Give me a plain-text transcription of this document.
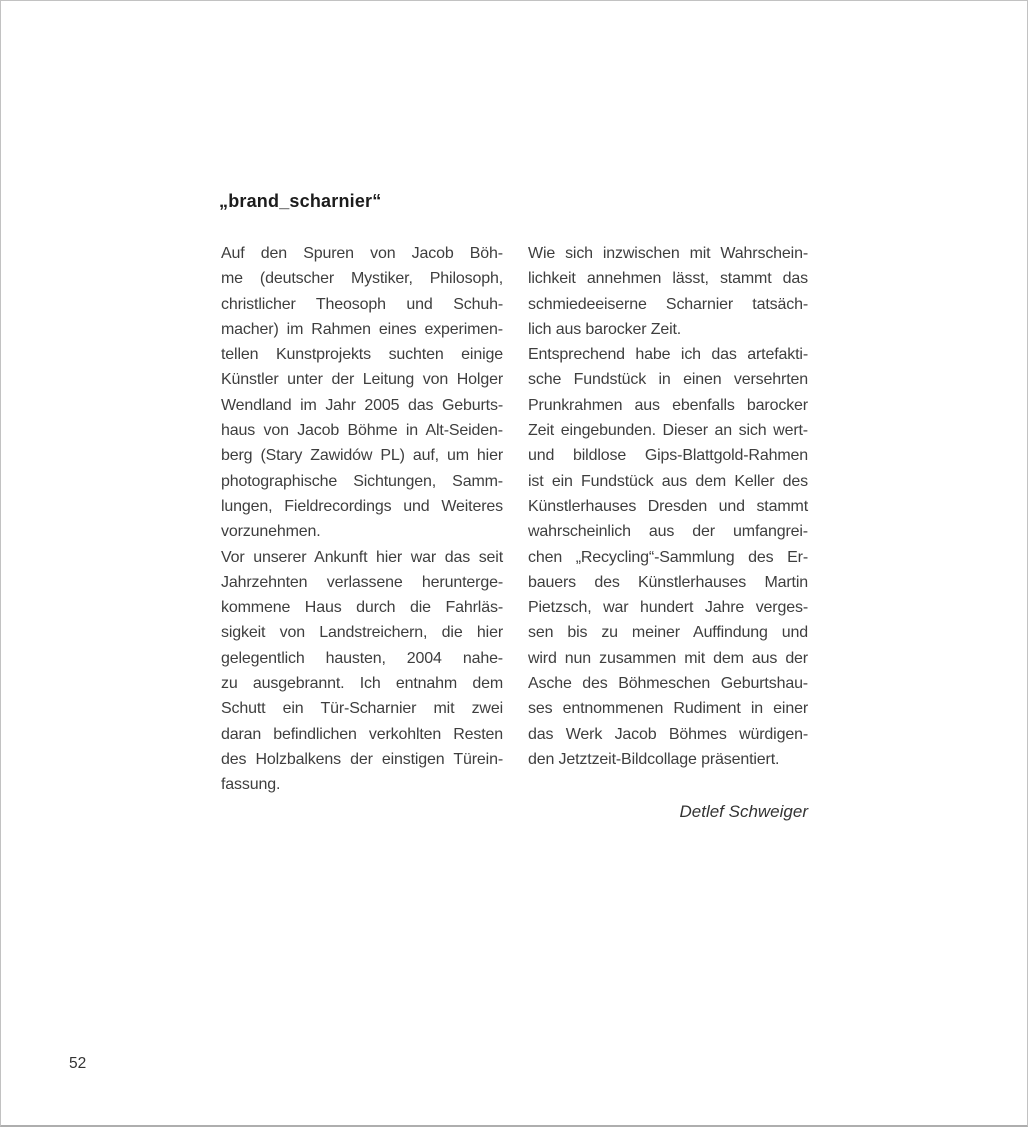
„brand_scharnier“
Auf den Spuren von Jacob Böh-
me (deutscher Mystiker, Philosoph,
christlicher Theosoph und Schuh-
macher) im Rahmen eines experimen-
tellen Kunstprojekts suchten einige
Künstler unter der Leitung von Holger
Wendland im Jahr 2005 das Geburts-
haus von Jacob Böhme in Alt-Seiden-
berg (Stary Zawidów PL) auf, um hier
photographische Sichtungen, Samm-
lungen, Fieldrecordings und Weiteres
vorzunehmen.
Vor unserer Ankunft hier war das seit
Jahrzehnten verlassene herunterge-
kommene Haus durch die Fahrläs-
sigkeit von Landstreichern, die hier
gelegentlich hausten, 2004 nahe-
zu ausgebrannt. Ich entnahm dem
Schutt ein Tür-Scharnier mit zwei
daran befindlichen verkohlten Resten
des Holzbalkens der einstigen Türein-
fassung.
Wie sich inzwischen mit Wahrschein-
lichkeit annehmen lässt, stammt das
schmiedeeiserne Scharnier tatsäch-
lich aus barocker Zeit.
Entsprechend habe ich das artefakti-
sche Fundstück in einen versehrten
Prunkrahmen aus ebenfalls barocker
Zeit eingebunden. Dieser an sich wert-
und bildlose Gips-Blattgold-Rahmen
ist ein Fundstück aus dem Keller des
Künstlerhauses Dresden und stammt
wahrscheinlich aus der umfangrei-
chen „Recycling“-Sammlung des Er-
bauers des Künstlerhauses Martin
Pietzsch, war hundert Jahre verges-
sen bis zu meiner Auffindung und
wird nun zusammen mit dem aus der
Asche des Böhmeschen Geburtshau-
ses entnommenen Rudiment in einer
das Werk Jacob Böhmes würdigen-
den Jetztzeit-Bildcollage präsentiert.
Detlef Schweiger
52
